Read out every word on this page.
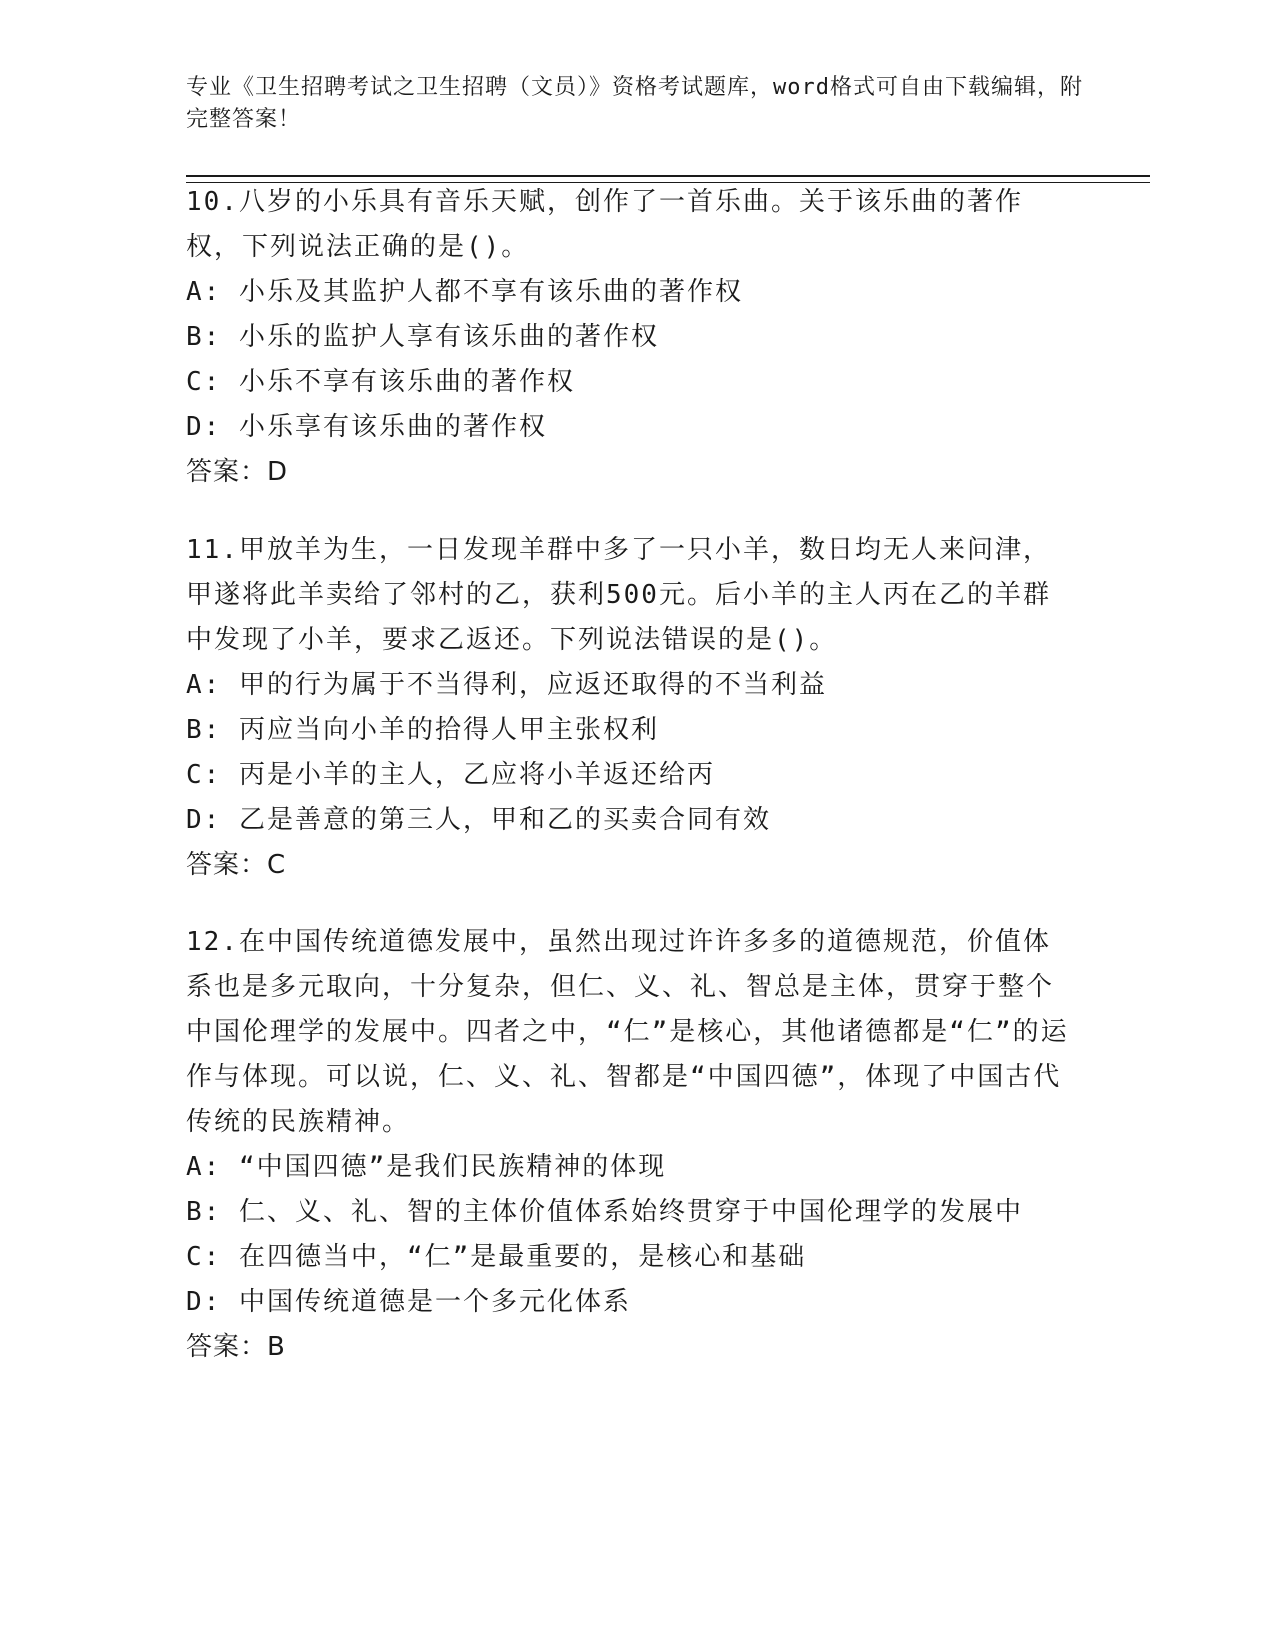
专业《卫生招聘考试之卫生招聘（文员）》资格考试题库，word格式可自由下载编辑，附完整答案！

10.八岁的小乐具有音乐天赋，创作了一首乐曲。关于该乐曲的著作权，下列说法正确的是()。

A: 小乐及其监护人都不享有该乐曲的著作权

B: 小乐的监护人享有该乐曲的著作权

C: 小乐不享有该乐曲的著作权

D: 小乐享有该乐曲的著作权

答案：D

11.甲放羊为生，一日发现羊群中多了一只小羊，数日均无人来问津，甲遂将此羊卖给了邻村的乙，获利500元。后小羊的主人丙在乙的羊群中发现了小羊，要求乙返还。下列说法错误的是()。

A: 甲的行为属于不当得利，应返还取得的不当利益

B: 丙应当向小羊的拾得人甲主张权利

C: 丙是小羊的主人，乙应将小羊返还给丙

D: 乙是善意的第三人，甲和乙的买卖合同有效

答案：C

12.在中国传统道德发展中，虽然出现过许许多多的道德规范，价值体系也是多元取向，十分复杂，但仁、义、礼、智总是主体，贯穿于整个中国伦理学的发展中。四者之中，“仁”是核心，其他诸德都是“仁”的运作与体现。可以说，仁、义、礼、智都是“中国四德”，体现了中国古代传统的民族精神。

A: “中国四德”是我们民族精神的体现

B: 仁、义、礼、智的主体价值体系始终贯穿于中国伦理学的发展中

C: 在四德当中，“仁”是最重要的，是核心和基础

D: 中国传统道德是一个多元化体系

答案：B
